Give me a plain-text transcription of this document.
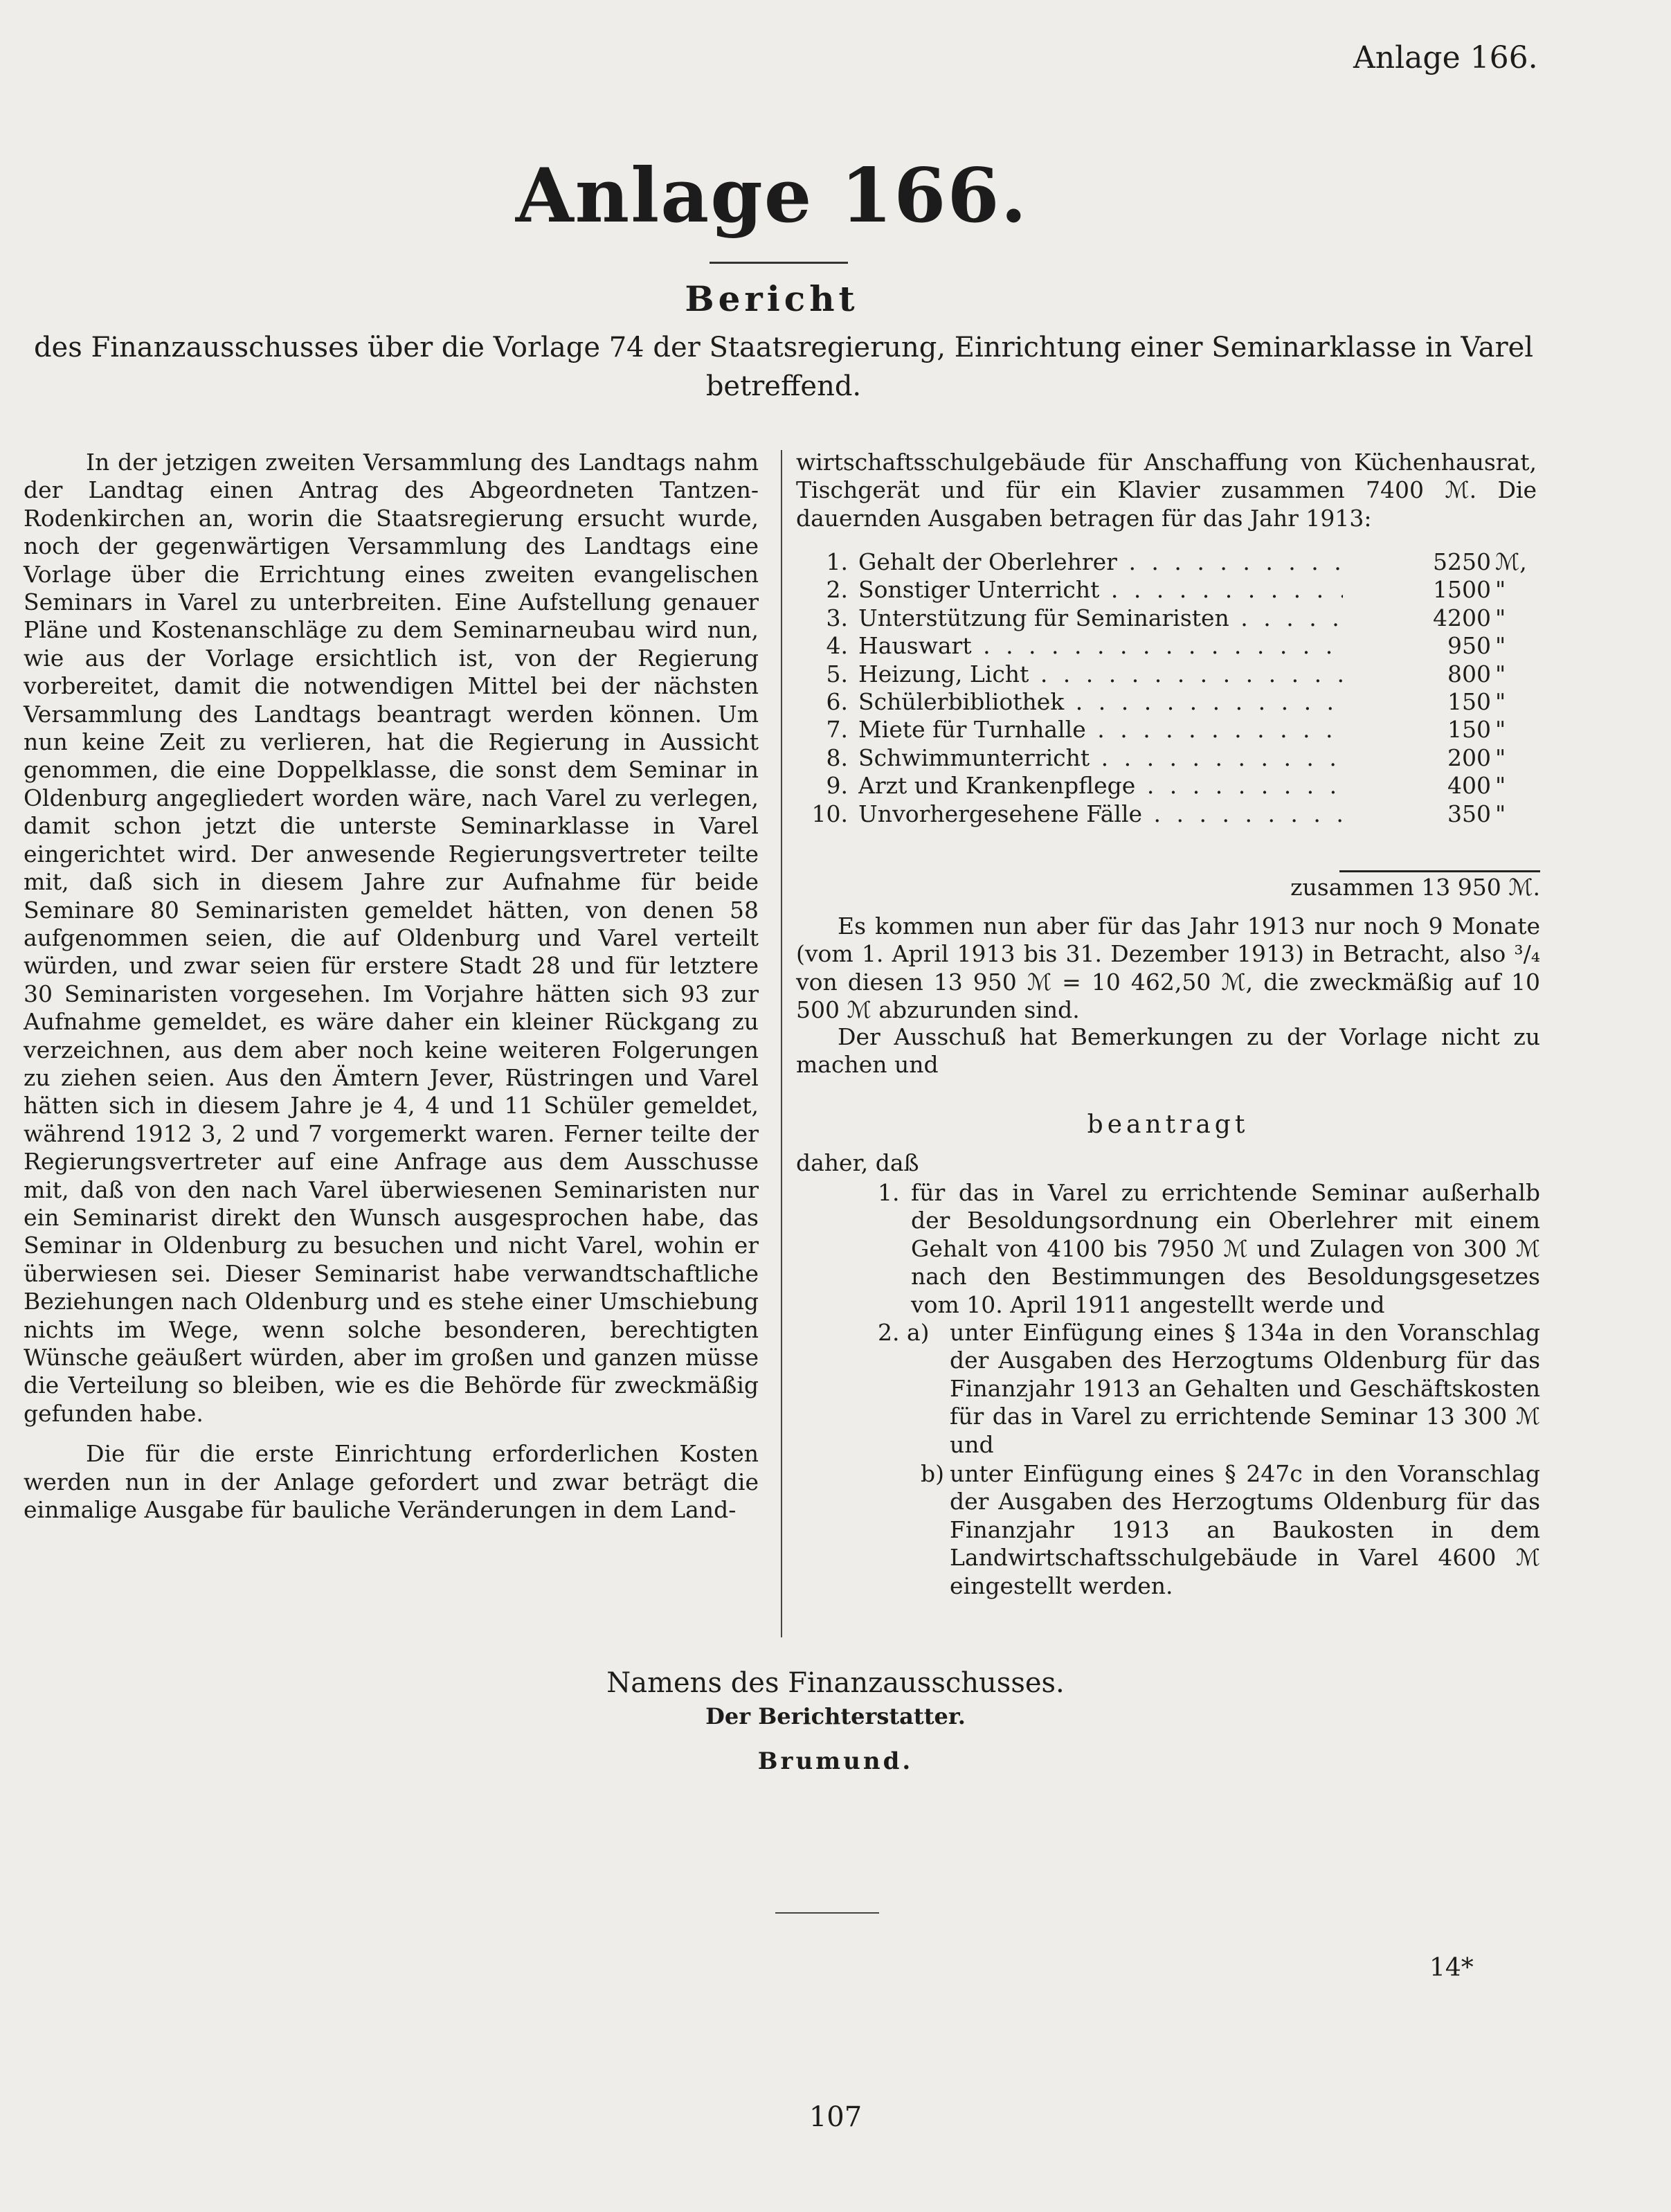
Anlage 166.
Anlage 166.
Bericht
des Finanzausschusses über die Vorlage 74 der Staatsregierung, Einrichtung einer Seminarklasse in Varel
betreffend.

In der jetzigen zweiten Versammlung des Landtags nahm der Landtag einen Antrag des Abgeordneten Tantzen-Rodenkirchen an, worin die Staatsregierung ersucht wurde, noch der gegenwärtigen Versammlung des Landtags eine Vorlage über die Errichtung eines zweiten evangelischen Seminars in Varel zu unterbreiten. Eine Aufstellung genauer Pläne und Kostenanschläge zu dem Seminarneubau wird nun, wie aus der Vorlage ersichtlich ist, von der Regierung vorbereitet, damit die notwendigen Mittel bei der nächsten Versammlung des Landtags beantragt werden können. Um nun keine Zeit zu verlieren, hat die Regierung in Aussicht genommen, die eine Doppelklasse, die sonst dem Seminar in Oldenburg angegliedert worden wäre, nach Varel zu verlegen, damit schon jetzt die unterste Seminarklasse in Varel eingerichtet wird. Der anwesende Regierungsvertreter teilte mit, daß sich in diesem Jahre zur Aufnahme für beide Seminare 80 Seminaristen gemeldet hätten, von denen 58 aufgenommen seien, die auf Oldenburg und Varel verteilt würden, und zwar seien für erstere Stadt 28 und für letztere 30 Seminaristen vorgesehen. Im Vorjahre hätten sich 93 zur Aufnahme gemeldet, es wäre daher ein kleiner Rückgang zu verzeichnen, aus dem aber noch keine weiteren Folgerungen zu ziehen seien. Aus den Ämtern Jever, Rüstringen und Varel hätten sich in diesem Jahre je 4, 4 und 11 Schüler gemeldet, während 1912 3, 2 und 7 vorgemerkt waren. Ferner teilte der Regierungsvertreter auf eine Anfrage aus dem Ausschusse mit, daß von den nach Varel überwiesenen Seminaristen nur ein Seminarist direkt den Wunsch ausgesprochen habe, das Seminar in Oldenburg zu besuchen und nicht Varel, wohin er überwiesen sei. Dieser Seminarist habe verwandtschaftliche Beziehungen nach Oldenburg und es stehe einer Umschiebung nichts im Wege, wenn solche besonderen, berechtigten Wünsche geäußert würden, aber im großen und ganzen müsse die Verteilung so bleiben, wie es die Behörde für zweckmäßig gefunden habe.

Die für die erste Einrichtung erforderlichen Kosten werden nun in der Anlage gefordert und zwar beträgt die einmalige Ausgabe für bauliche Veränderungen in dem Land-

wirtschaftsschulgebäude für Anschaffung von Küchenhausrat, Tischgerät und für ein Klavier zusammen 7400 ℳ. Die dauernden Ausgaben betragen für das Jahr 1913:
1. Gehalt der Oberlehrer . . .	5250 ℳ,
2. Sonstiger Unterricht . . .	1500 "
3. Unterstützung für Seminaristen . . .	4200 "
4. Hauswart . . .	950 "
5. Heizung, Licht . . .	800 "
6. Schülerbibliothek . . .	150 "
7. Miete für Turnhalle . . .	150 "
8. Schwimmunterricht . . .	200 "
9. Arzt und Krankenpflege . . .	400 "
10. Unvorhergesehene Fälle . . .	350 "
zusammen 13 950 ℳ.
Es kommen nun aber für das Jahr 1913 nur noch 9 Monate (vom 1. April 1913 bis 31. Dezember 1913) in Betracht, also ³/₄ von diesen 13 950 ℳ = 10 462,50 ℳ, die zweckmäßig auf 10 500 ℳ abzurunden sind.
Der Ausschuß hat Bemerkungen zu der Vorlage nicht zu machen und
beantragt
daher, daß
1. für das in Varel zu errichtende Seminar außerhalb der Besoldungsordnung ein Oberlehrer mit einem Gehalt von 4100 bis 7950 ℳ und Zulagen von 300 ℳ nach den Bestimmungen des Besoldungsgesetzes vom 10. April 1911 angestellt werde und
2. a) unter Einfügung eines § 134a in den Voranschlag der Ausgaben des Herzogtums Oldenburg für das Finanzjahr 1913 an Gehalten und Geschäftskosten für das in Varel zu errichtende Seminar 13 300 ℳ und
b) unter Einfügung eines § 247c in den Voranschlag der Ausgaben des Herzogtums Oldenburg für das Finanzjahr 1913 an Baukosten in dem Landwirtschaftsschulgebäude in Varel 4600 ℳ eingestellt werden.
Namens des Finanzausschusses.
Der Berichterstatter.
Brumund.
14*
107
